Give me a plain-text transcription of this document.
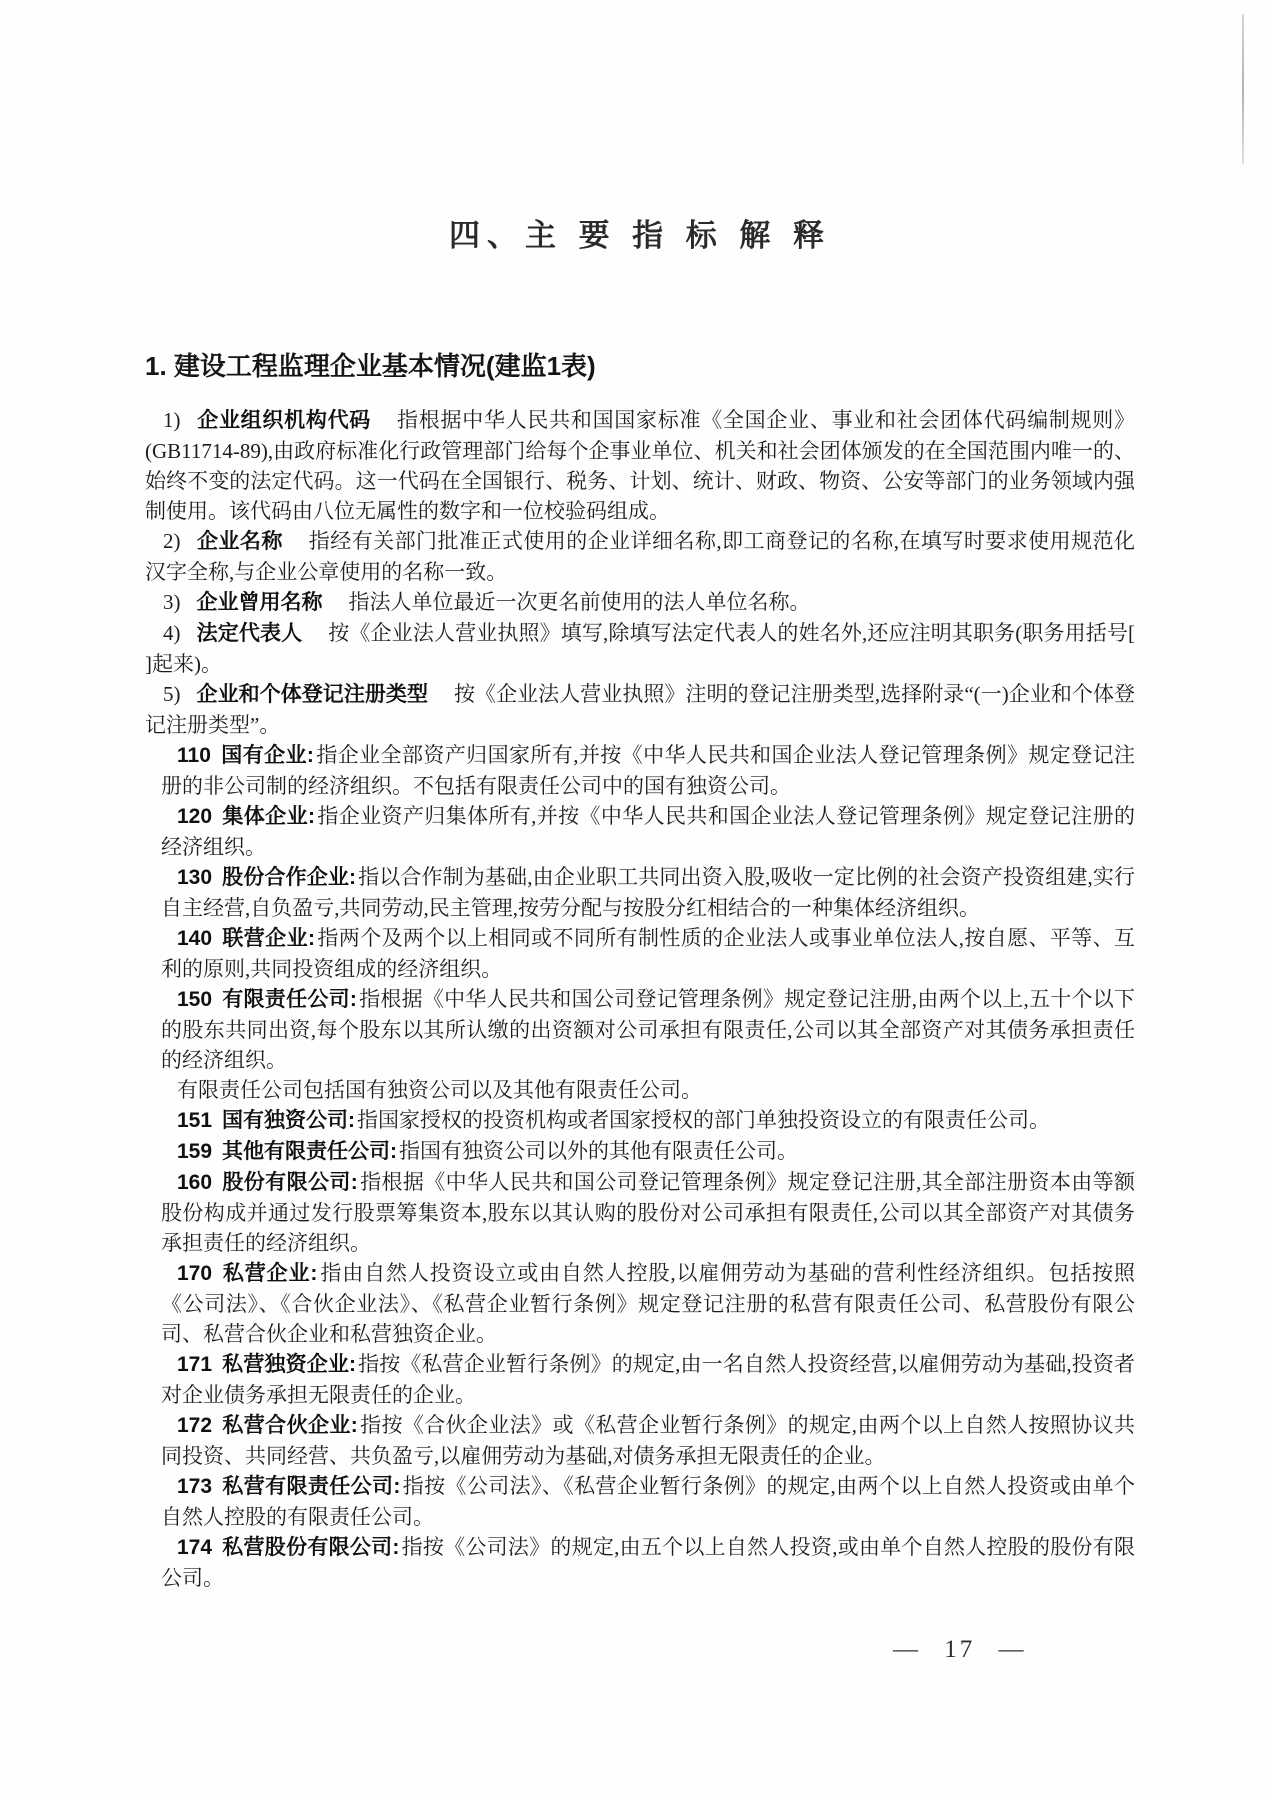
四、主 要 指 标 解 释
1. 建设工程监理企业基本情况(建监1表)

1) 企业组织机构代码 指根据中华人民共和国国家标准《全国企业、事业和社会团体代码编制规则》(GB11714-89),由政府标准化行政管理部门给每个企事业单位、机关和社会团体颁发的在全国范围内唯一的、始终不变的法定代码。这一代码在全国银行、税务、计划、统计、财政、物资、公安等部门的业务领域内强制使用。该代码由八位无属性的数字和一位校验码组成。

2) 企业名称 指经有关部门批准正式使用的企业详细名称,即工商登记的名称,在填写时要求使用规范化汉字全称,与企业公章使用的名称一致。

3) 企业曾用名称 指法人单位最近一次更名前使用的法人单位名称。

4) 法定代表人 按《企业法人营业执照》填写,除填写法定代表人的姓名外,还应注明其职务(职务用括号[ ]起来)。

5) 企业和个体登记注册类型 按《企业法人营业执照》注明的登记注册类型,选择附录“(一)企业和个体登记注册类型”。

110 国有企业:指企业全部资产归国家所有,并按《中华人民共和国企业法人登记管理条例》规定登记注册的非公司制的经济组织。不包括有限责任公司中的国有独资公司。

120 集体企业:指企业资产归集体所有,并按《中华人民共和国企业法人登记管理条例》规定登记注册的经济组织。

130 股份合作企业:指以合作制为基础,由企业职工共同出资入股,吸收一定比例的社会资产投资组建,实行自主经营,自负盈亏,共同劳动,民主管理,按劳分配与按股分红相结合的一种集体经济组织。

140 联营企业:指两个及两个以上相同或不同所有制性质的企业法人或事业单位法人,按自愿、平等、互利的原则,共同投资组成的经济组织。

150 有限责任公司:指根据《中华人民共和国公司登记管理条例》规定登记注册,由两个以上,五十个以下的股东共同出资,每个股东以其所认缴的出资额对公司承担有限责任,公司以其全部资产对其债务承担责任的经济组织。

有限责任公司包括国有独资公司以及其他有限责任公司。

151 国有独资公司:指国家授权的投资机构或者国家授权的部门单独投资设立的有限责任公司。

159 其他有限责任公司:指国有独资公司以外的其他有限责任公司。

160 股份有限公司:指根据《中华人民共和国公司登记管理条例》规定登记注册,其全部注册资本由等额股份构成并通过发行股票筹集资本,股东以其认购的股份对公司承担有限责任,公司以其全部资产对其债务承担责任的经济组织。

170 私营企业:指由自然人投资设立或由自然人控股,以雇佣劳动为基础的营利性经济组织。包括按照《公司法》、《合伙企业法》、《私营企业暂行条例》规定登记注册的私营有限责任公司、私营股份有限公司、私营合伙企业和私营独资企业。

171 私营独资企业:指按《私营企业暂行条例》的规定,由一名自然人投资经营,以雇佣劳动为基础,投资者对企业债务承担无限责任的企业。

172 私营合伙企业:指按《合伙企业法》或《私营企业暂行条例》的规定,由两个以上自然人按照协议共同投资、共同经营、共负盈亏,以雇佣劳动为基础,对债务承担无限责任的企业。

173 私营有限责任公司:指按《公司法》、《私营企业暂行条例》的规定,由两个以上自然人投资或由单个自然人控股的有限责任公司。

174 私营股份有限公司:指按《公司法》的规定,由五个以上自然人投资,或由单个自然人控股的股份有限公司。

— 17 —
